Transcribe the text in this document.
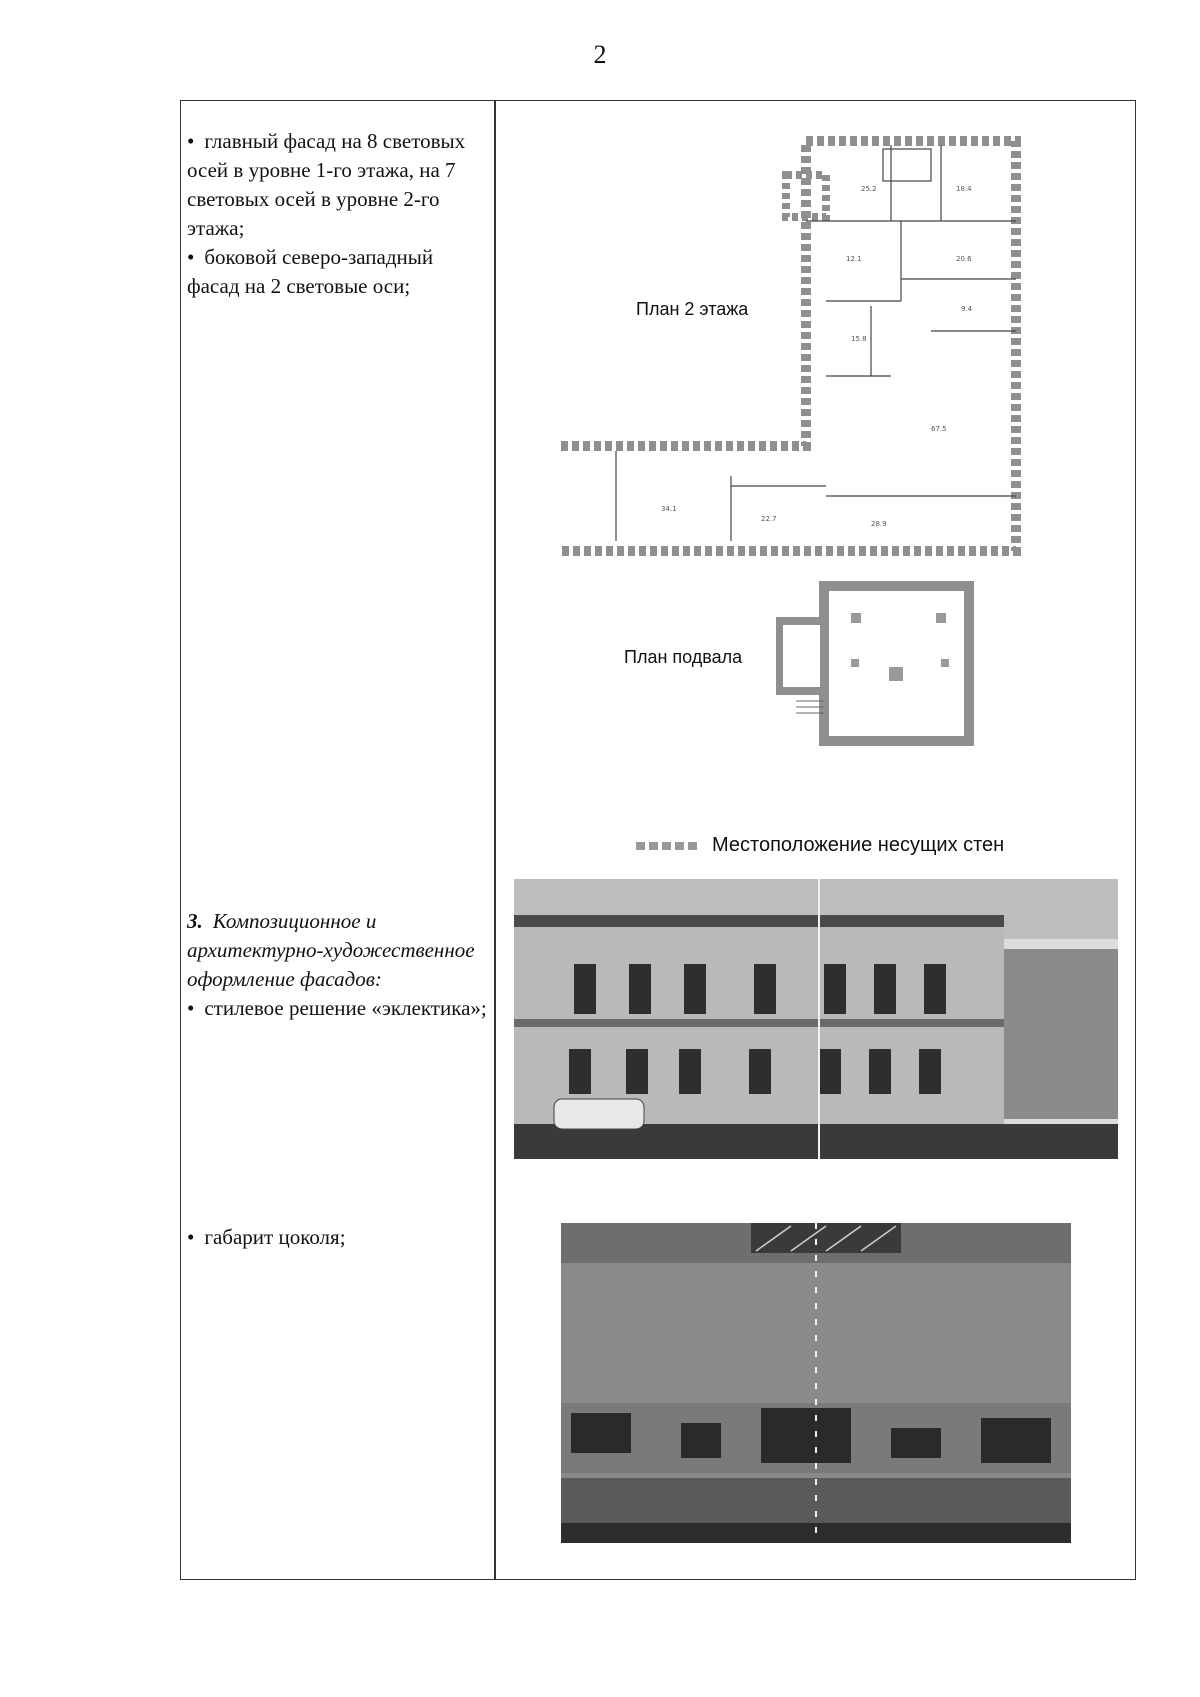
2

• главный фасад на 8 световых осей в уровне 1-го этажа, на 7 световых осей в уровне 2-го этажа;

• боковой северо-западный фасад на 2 световые оси;

3. Композиционное и архитектурно-художественное оформление фасадов:

• стилевое решение «эклектика»;

• габарит цоколя;

25.2	18.4
12.1	20.6
15.8
9.4
67.5
34.1
22.7
28.9
План 2 этажа
План подвала
Местоположение несущих стен
